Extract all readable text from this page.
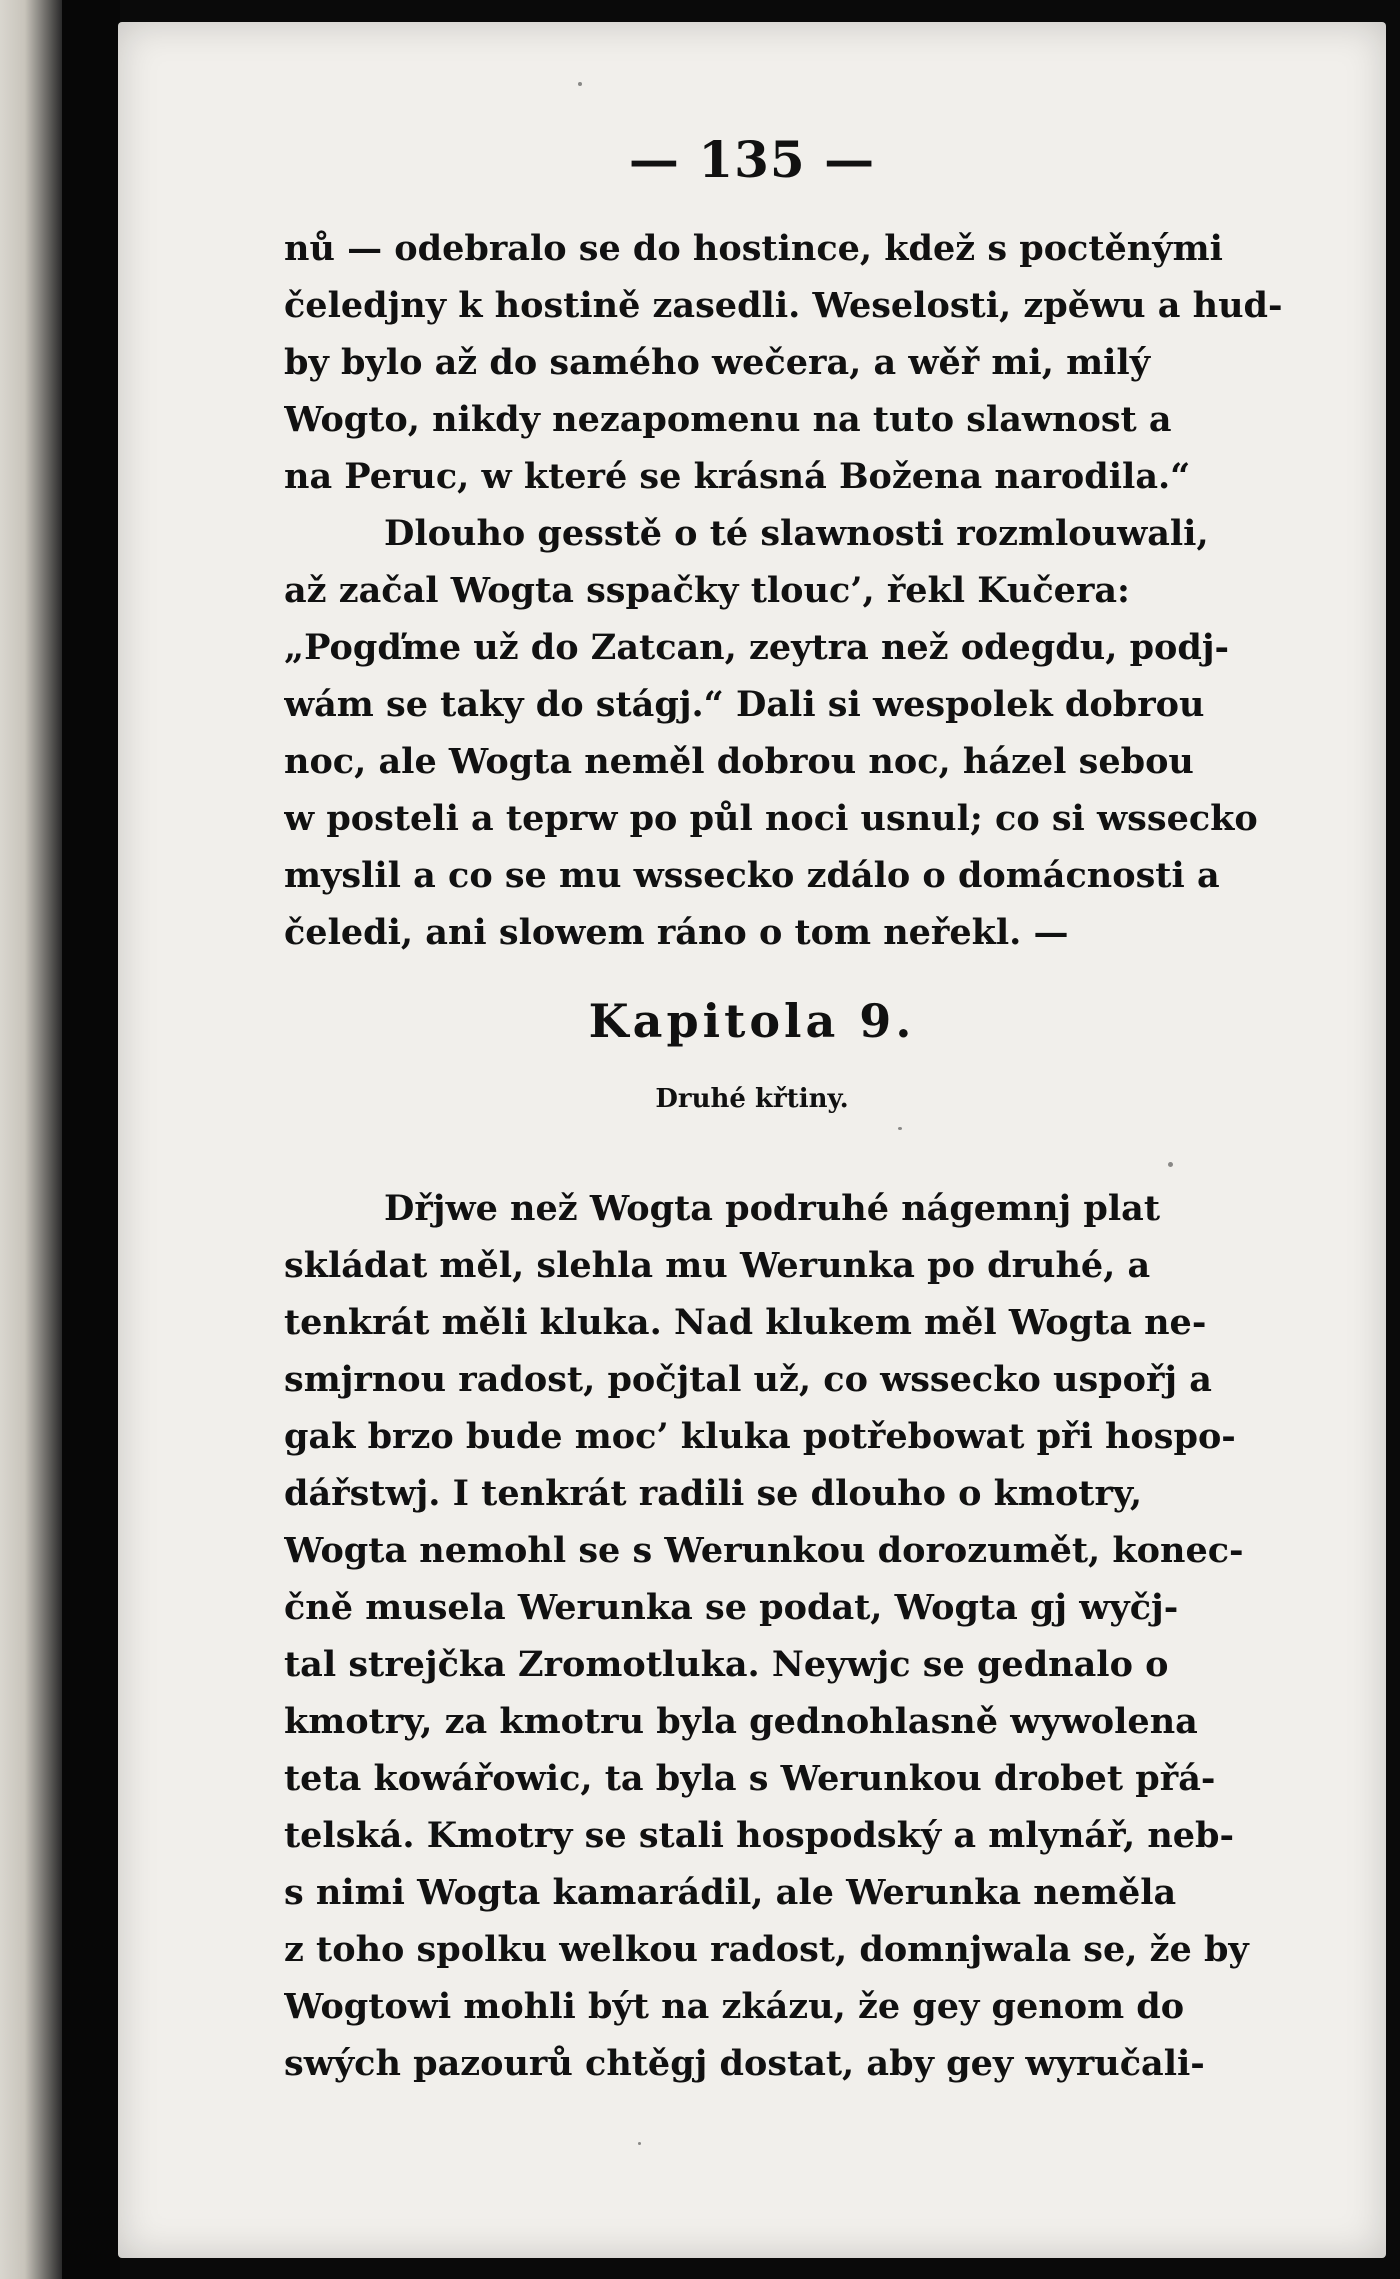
— 135 —
nů — odebralo se do hostince, kdež s poctěnými
čeledjny k hostině zasedli. Weselosti, zpěwu a hud-
by bylo až do samého wečera, a wěř mi, milý
Wogto, nikdy nezapomenu na tuto slawnost a
na Peruc, w které se krásná Božena narodila.“
Dlouho gesstě o té slawnosti rozmlouwali,
až začal Wogta sspačky tlouc’, řekl Kučera:
„Pogďme už do Zatcan, zeytra než odegdu, podj-
wám se taky do stágj.“ Dali si wespolek dobrou
noc, ale Wogta neměl dobrou noc, házel sebou
w posteli a teprw po půl noci usnul; co si wssecko
myslil a co se mu wssecko zdálo o domácnosti a
čeledi, ani slowem ráno o tom neřekl. —
Kapitola 9.
Druhé křtiny.
Dřjwe než Wogta podruhé nágemnj plat
skládat měl, slehla mu Werunka po druhé, a
tenkrát měli kluka. Nad klukem měl Wogta ne-
smjrnou radost, počjtal už, co wssecko uspořj a
gak brzo bude moc’ kluka potřebowat při hospo-
dářstwj. I tenkrát radili se dlouho o kmotry,
Wogta nemohl se s Werunkou dorozumět, konec-
čně musela Werunka se podat, Wogta gj wyčj-
tal strejčka Zromotluka. Neywjc se gednalo o
kmotry, za kmotru byla gednohlasně wywolena
teta kowářowic, ta byla s Werunkou drobet přá-
telská. Kmotry se stali hospodský a mlynář, neb-
s nimi Wogta kamarádil, ale Werunka neměla
z toho spolku welkou radost, domnjwala se, že by
Wogtowi mohli být na zkázu, že gey genom do
swých pazourů chtěgj dostat, aby gey wyručali-
